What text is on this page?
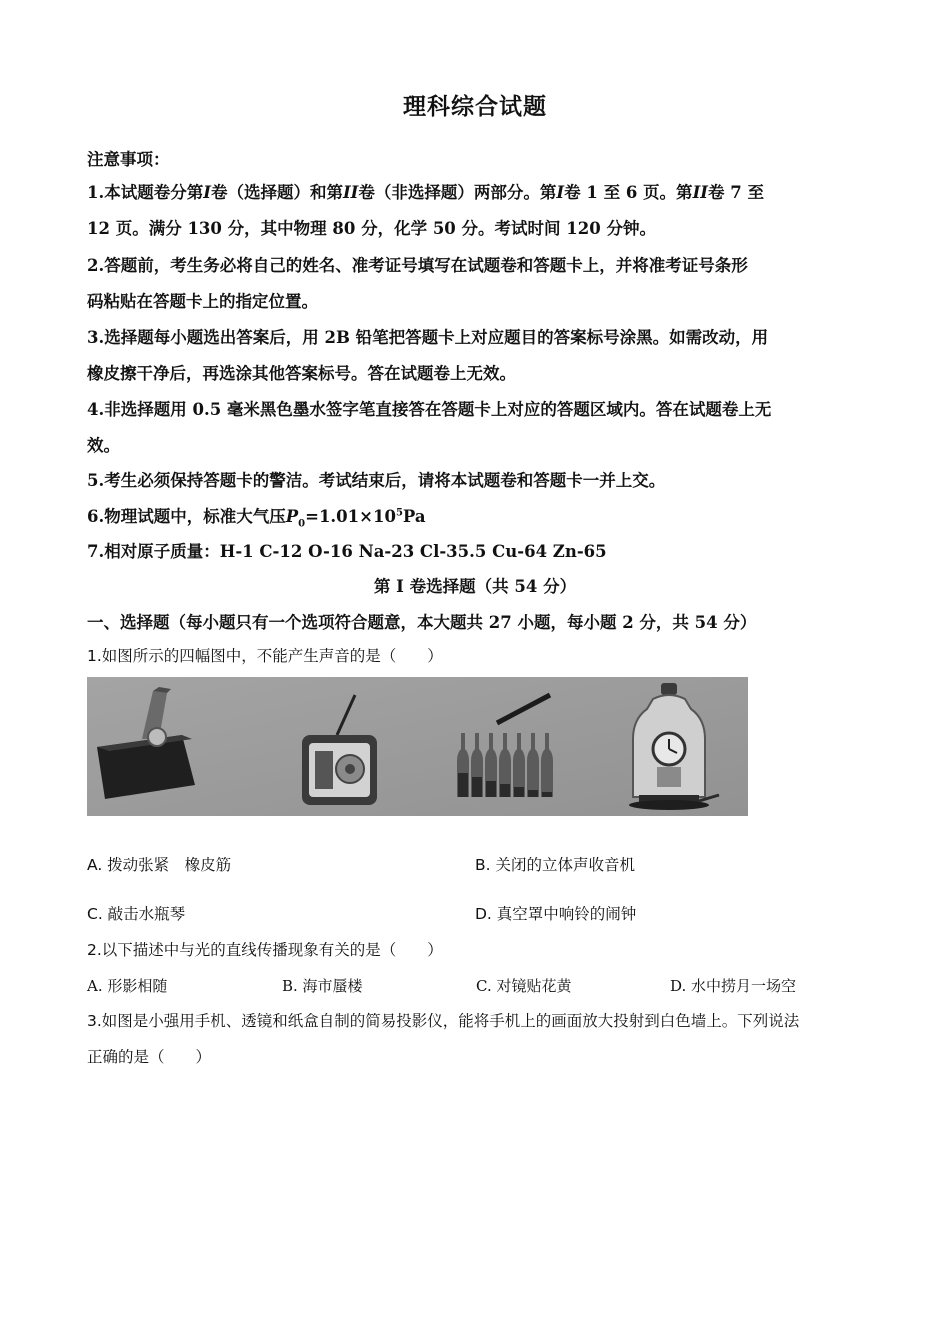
理科综合试题
注意事项：
1.本试题卷分第I卷（选择题）和第II卷（非选择题）两部分。第I卷 1 至 6 页。第II卷 7 至
12 页。满分 130 分，其中物理 80 分，化学 50 分。考试时间 120 分钟。
2.答题前，考生务必将自己的姓名、准考证号填写在试题卷和答题卡上，并将准考证号条形
码粘贴在答题卡上的指定位置。
3.选择题每小题选出答案后，用 2B 铅笔把答题卡上对应题目的答案标号涂黑。如需改动，用
橡皮擦干净后，再选涂其他答案标号。答在试题卷上无效。
4.非选择题用 0.5 毫米黑色墨水签字笔直接答在答题卡上对应的答题区域内。答在试题卷上无
效。
5.考生必须保持答题卡的警洁。考试结束后，请将本试题卷和答题卡一并上交。
6.物理试题中，标准大气压$P_0=1.01\times 10^5Pa$
7.相对原子质量：H-1 C-12 O-16 Na-23 Cl-35.5 Cu-64 Zn-65
第 I 卷选择题（共 54 分）
一、选择题（每小题只有一个选项符合题意，本大题共 27 小题，每小题 2 分，共 54 分）
1.如图所示的四幅图中，不能产生声音的是（　　）
A. 拨动张紧　橡皮筋	B. 关闭的立体声收音机
C. 敲击水瓶琴	D. 真空罩中响铃的闹钟
2.以下描述中与光的直线传播现象有关的是（　　）
A. 形影相随	B. 海市蜃楼	C. 对镜贴花黄	D. 水中捞月一场空
3.如图是小强用手机、透镜和纸盒自制的简易投影仪，能将手机上的画面放大投射到白色墙上。下列说法
正确的是（　　）
